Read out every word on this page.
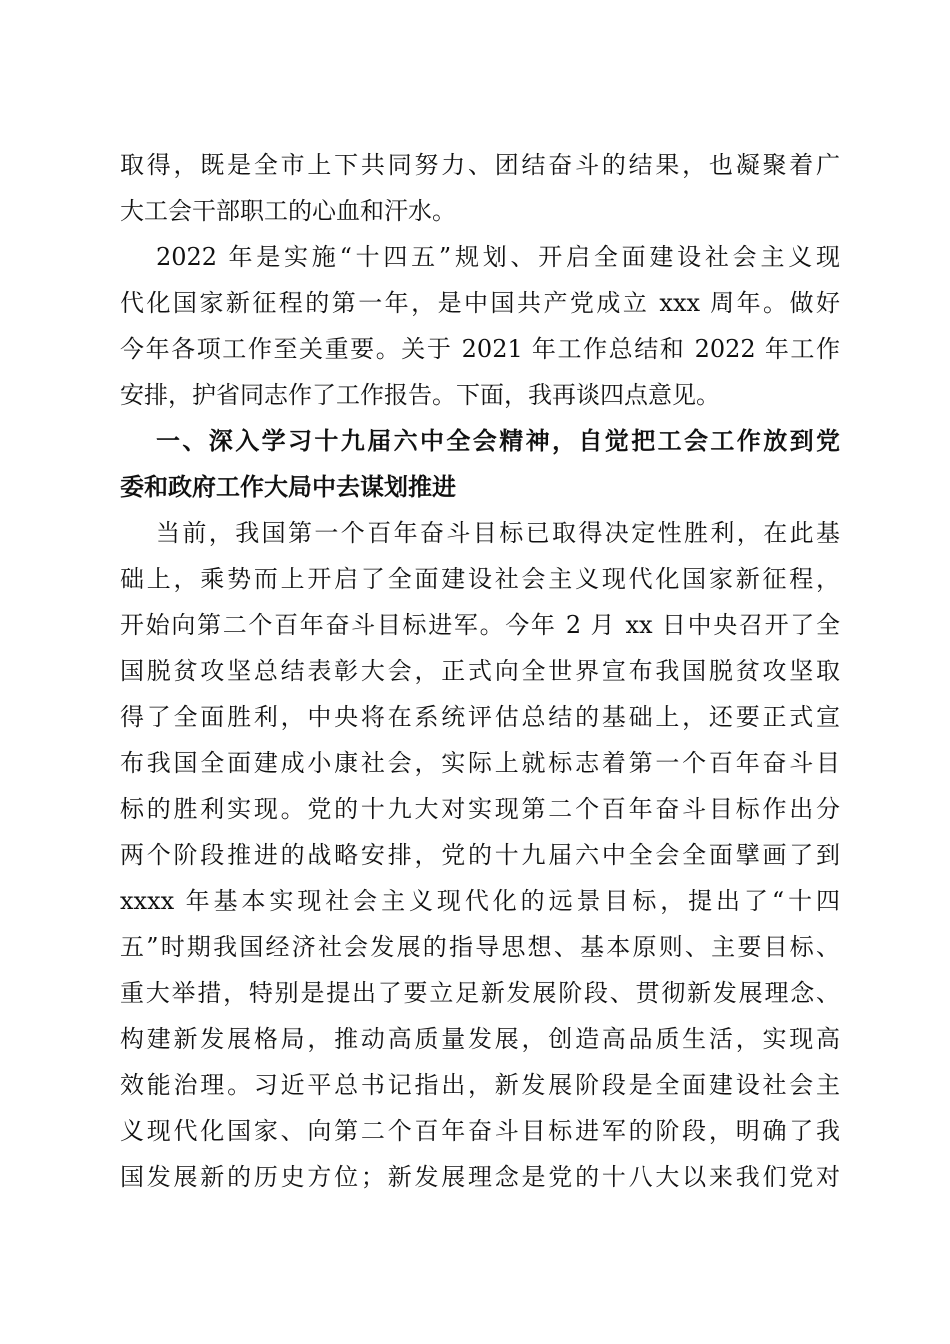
取得，既是全市上下共同努力、团结奋斗的结果，也凝聚着广
大工会干部职工的心血和汗水。
2022 年是实施“十四五”规划、开启全面建设社会主义现
代化国家新征程的第一年，是中国共产党成立 xxx 周年。做好
今年各项工作至关重要。关于 2021 年工作总结和 2022 年工作
安排，护省同志作了工作报告。下面，我再谈四点意见。
一、深入学习十九届六中全会精神，自觉把工会工作放到党
委和政府工作大局中去谋划推进
当前，我国第一个百年奋斗目标已取得决定性胜利，在此基
础上，乘势而上开启了全面建设社会主义现代化国家新征程，
开始向第二个百年奋斗目标进军。今年 2 月 xx 日中央召开了全
国脱贫攻坚总结表彰大会，正式向全世界宣布我国脱贫攻坚取
得了全面胜利，中央将在系统评估总结的基础上，还要正式宣
布我国全面建成小康社会，实际上就标志着第一个百年奋斗目
标的胜利实现。党的十九大对实现第二个百年奋斗目标作出分
两个阶段推进的战略安排，党的十九届六中全会全面擘画了到
xxxx 年基本实现社会主义现代化的远景目标，提出了“十四
五”时期我国经济社会发展的指导思想、基本原则、主要目标、
重大举措，特别是提出了要立足新发展阶段、贯彻新发展理念、
构建新发展格局，推动高质量发展，创造高品质生活，实现高
效能治理。习近平总书记指出，新发展阶段是全面建设社会主
义现代化国家、向第二个百年奋斗目标进军的阶段，明确了我
国发展新的历史方位；新发展理念是党的十八大以来我们党对
